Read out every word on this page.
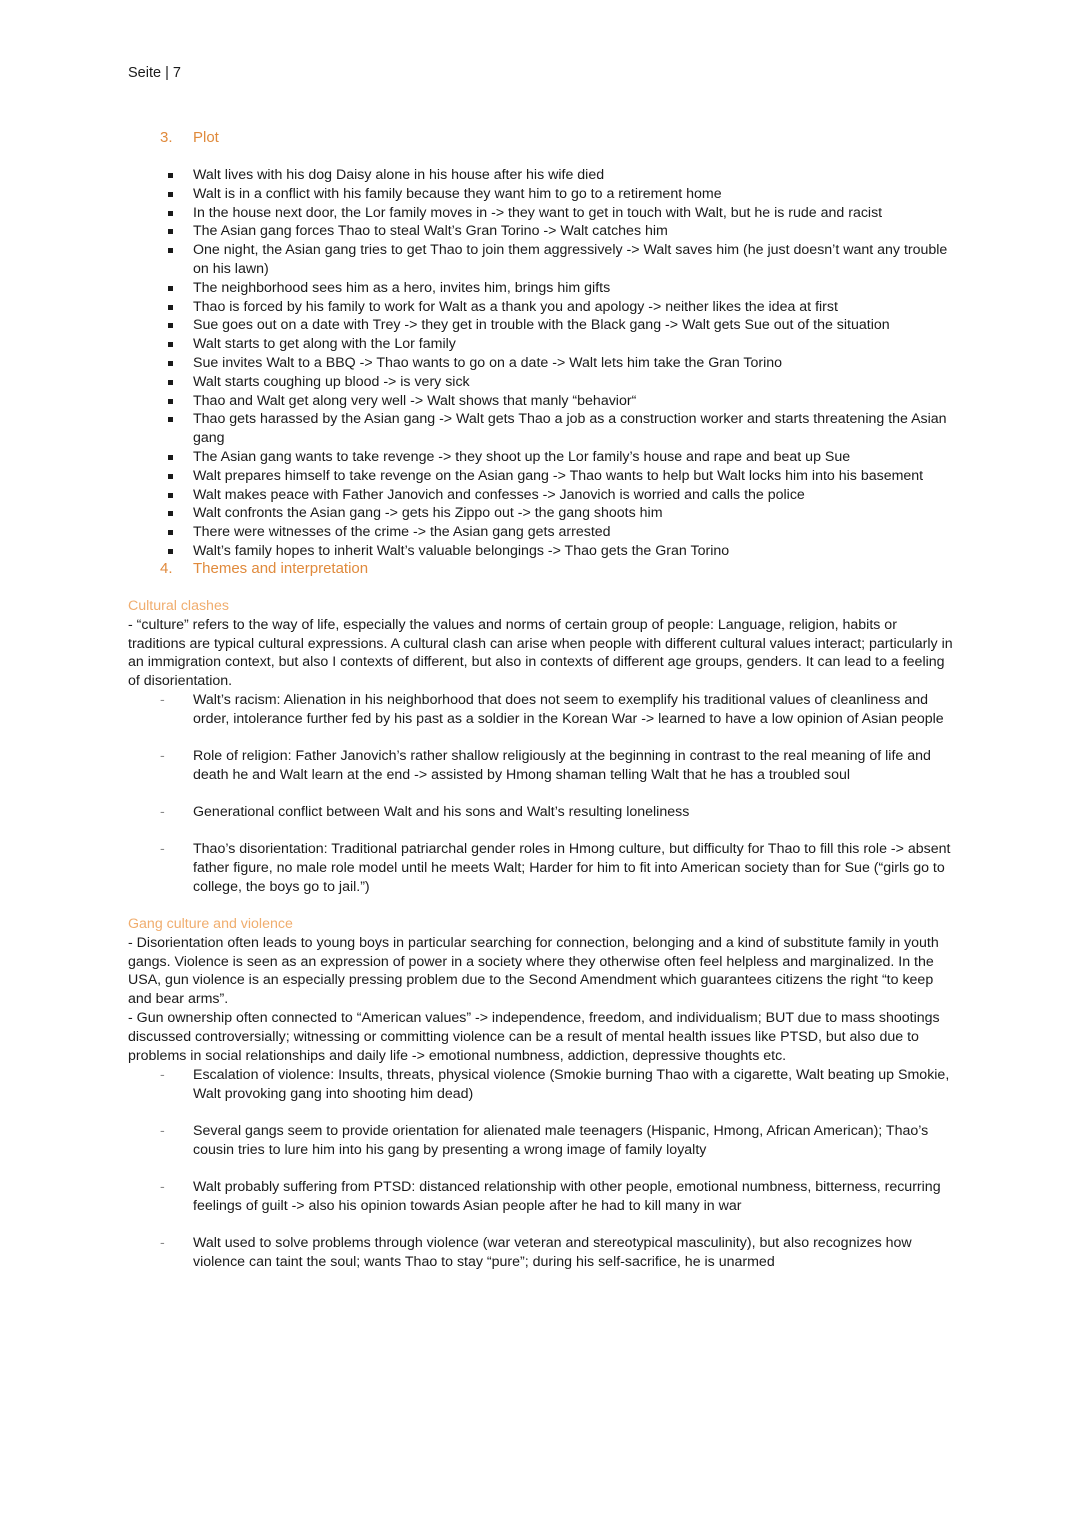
Seite | 7
3. Plot
Walt lives with his dog Daisy alone in his house after his wife died
Walt is in a conflict with his family because they want him to go to a retirement home
In the house next door, the Lor family moves in -> they want to get in touch with Walt, but he is rude and racist
The Asian gang forces Thao to steal Walt’s Gran Torino -> Walt catches him
One night, the Asian gang tries to get Thao to join them aggressively -> Walt saves him (he just doesn’t want any trouble on his lawn)
The neighborhood sees him as a hero, invites him, brings him gifts
Thao is forced by his family to work for Walt as a thank you and apology -> neither likes the idea at first
Sue goes out on a date with Trey -> they get in trouble with the Black gang -> Walt gets Sue out of the situation
Walt starts to get along with the Lor family
Sue invites Walt to a BBQ -> Thao wants to go on a date -> Walt lets him take the Gran Torino
Walt starts coughing up blood -> is very sick
Thao and Walt get along very well -> Walt shows that manly “behavior“
Thao gets harassed by the Asian gang -> Walt gets Thao a job as a construction worker and starts threatening the Asian gang
The Asian gang wants to take revenge -> they shoot up the Lor family’s house and rape and beat up Sue
Walt prepares himself to take revenge on the Asian gang -> Thao wants to help but Walt locks him into his basement
Walt makes peace with Father Janovich and confesses -> Janovich is worried and calls the police
Walt confronts the Asian gang -> gets his Zippo out -> the gang shoots him
There were witnesses of the crime -> the Asian gang gets arrested
Walt’s family hopes to inherit Walt’s valuable belongings -> Thao gets the Gran Torino
4. Themes and interpretation
Cultural clashes

- “culture” refers to the way of life, especially the values and norms of certain group of people: Language, religion, habits or traditions are typical cultural expressions. A cultural clash can arise when people with different cultural values interact; particularly in an immigration context, but also I contexts of different, but also in contexts of different age groups, genders. It can lead to a feeling of disorientation.

- Walt’s racism: Alienation in his neighborhood that does not seem to exemplify his traditional values of cleanliness and order, intolerance further fed by his past as a soldier in the Korean War -> learned to have a low opinion of Asian people
- Role of religion: Father Janovich’s rather shallow religiously at the beginning in contrast to the real meaning of life and death he and Walt learn at the end -> assisted by Hmong shaman telling Walt that he has a troubled soul
- Generational conflict between Walt and his sons and Walt’s resulting loneliness
- Thao’s disorientation: Traditional patriarchal gender roles in Hmong culture, but difficulty for Thao to fill this role -> absent father figure, no male role model until he meets Walt; Harder for him to fit into American society than for Sue (“girls go to college, the boys go to jail.”)
Gang culture and violence

- Disorientation often leads to young boys in particular searching for connection, belonging and a kind of substitute family in youth gangs. Violence is seen as an expression of power in a society where they otherwise often feel helpless and marginalized. In the USA, gun violence is an especially pressing problem due to the Second Amendment which guarantees citizens the right “to keep and bear arms”.

- Gun ownership often connected to “American values” -> independence, freedom, and individualism; BUT due to mass shootings discussed controversially; witnessing or committing violence can be a result of mental health issues like PTSD, but also due to problems in social relationships and daily life -> emotional numbness, addiction, depressive thoughts etc.

- Escalation of violence: Insults, threats, physical violence (Smokie burning Thao with a cigarette, Walt beating up Smokie, Walt provoking gang into shooting him dead)
- Several gangs seem to provide orientation for alienated male teenagers (Hispanic, Hmong, African American); Thao’s cousin tries to lure him into his gang by presenting a wrong image of family loyalty
- Walt probably suffering from PTSD: distanced relationship with other people, emotional numbness, bitterness, recurring feelings of guilt -> also his opinion towards Asian people after he had to kill many in war
- Walt used to solve problems through violence (war veteran and stereotypical masculinity), but also recognizes how violence can taint the soul; wants Thao to stay “pure”; during his self-sacrifice, he is unarmed
